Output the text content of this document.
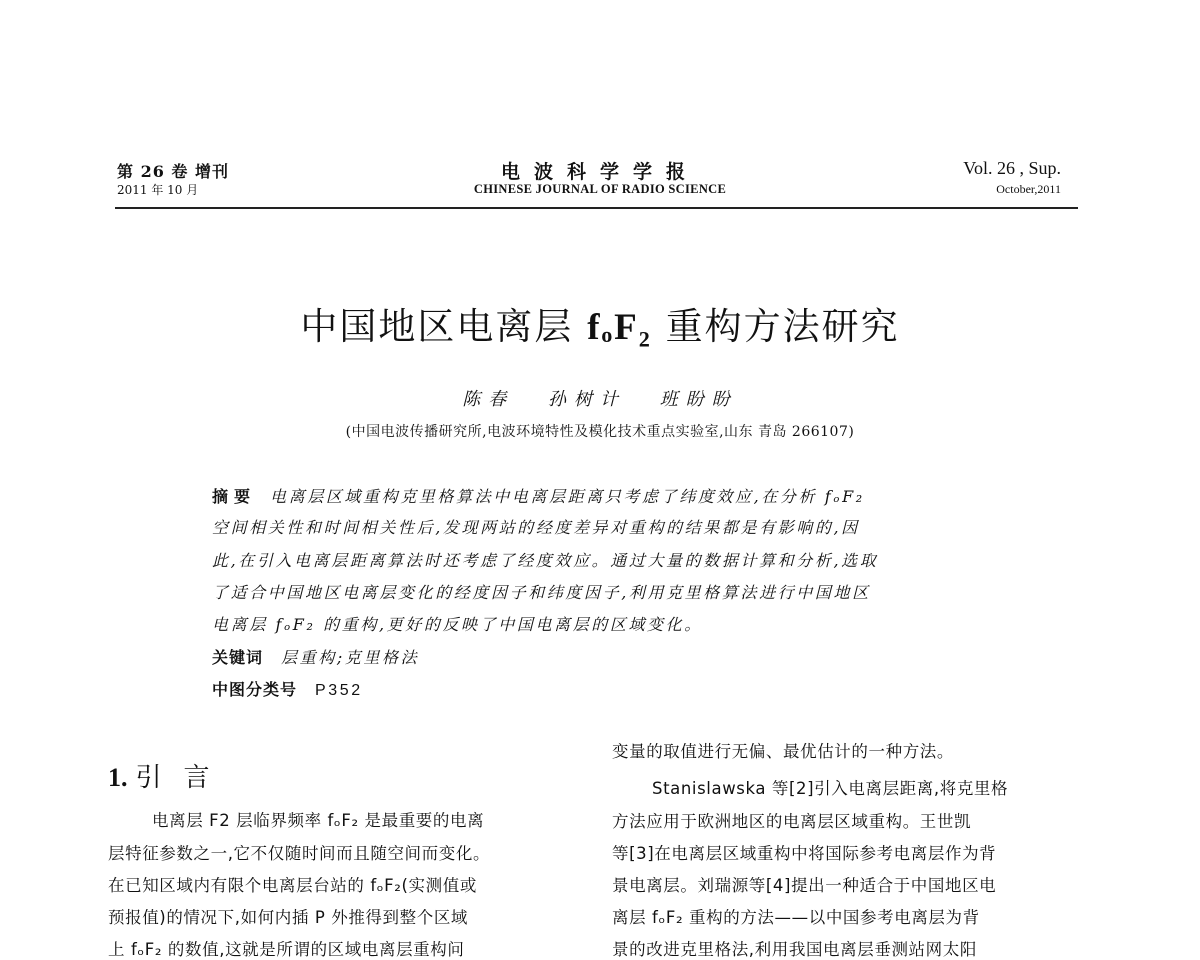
第 26 卷 增刊
2011 年 10 月
电波科学学报
CHINESE JOURNAL OF RADIO SCIENCE
Vol. 26 , Sup.
October,2011
中国地区电离层 fₒF₂ 重构方法研究
陈春 孙树计 班盼盼
(中国电波传播研究所,电波环境特性及模化技术重点实验室,山东 青岛 266107)
摘要 电离层区域重构克里格算法中电离层距离只考虑了纬度效应,在分析 fₒF₂
空间相关性和时间相关性后,发现两站的经度差异对重构的结果都是有影响的,因
此,在引入电离层距离算法时还考虑了经度效应。通过大量的数据计算和分析,选取
了适合中国地区电离层变化的经度因子和纬度因子,利用克里格算法进行中国地区
电离层 fₒF₂ 的重构,更好的反映了中国电离层的区域变化。
关键词 层重构;克里格法
中图分类号 P352
1. 引言
电离层 F2 层临界频率 fₒF₂ 是最重要的电离
层特征参数之一,它不仅随时间而且随空间而变化。
在已知区域内有限个电离层台站的 fₒF₂(实测值或
预报值)的情况下,如何内插 P 外推得到整个区域
上 fₒF₂ 的数值,这就是所谓的区域电离层重构问
变量的取值进行无偏、最优估计的一种方法。
Stanislawska 等[2]引入电离层距离,将克里格
方法应用于欧洲地区的电离层区域重构。王世凯
等[3]在电离层区域重构中将国际参考电离层作为背
景电离层。刘瑞源等[4]提出一种适合于中国地区电
离层 fₒF₂ 重构的方法——以中国参考电离层为背
景的改进克里格法,利用我国电离层垂测站网太阳
